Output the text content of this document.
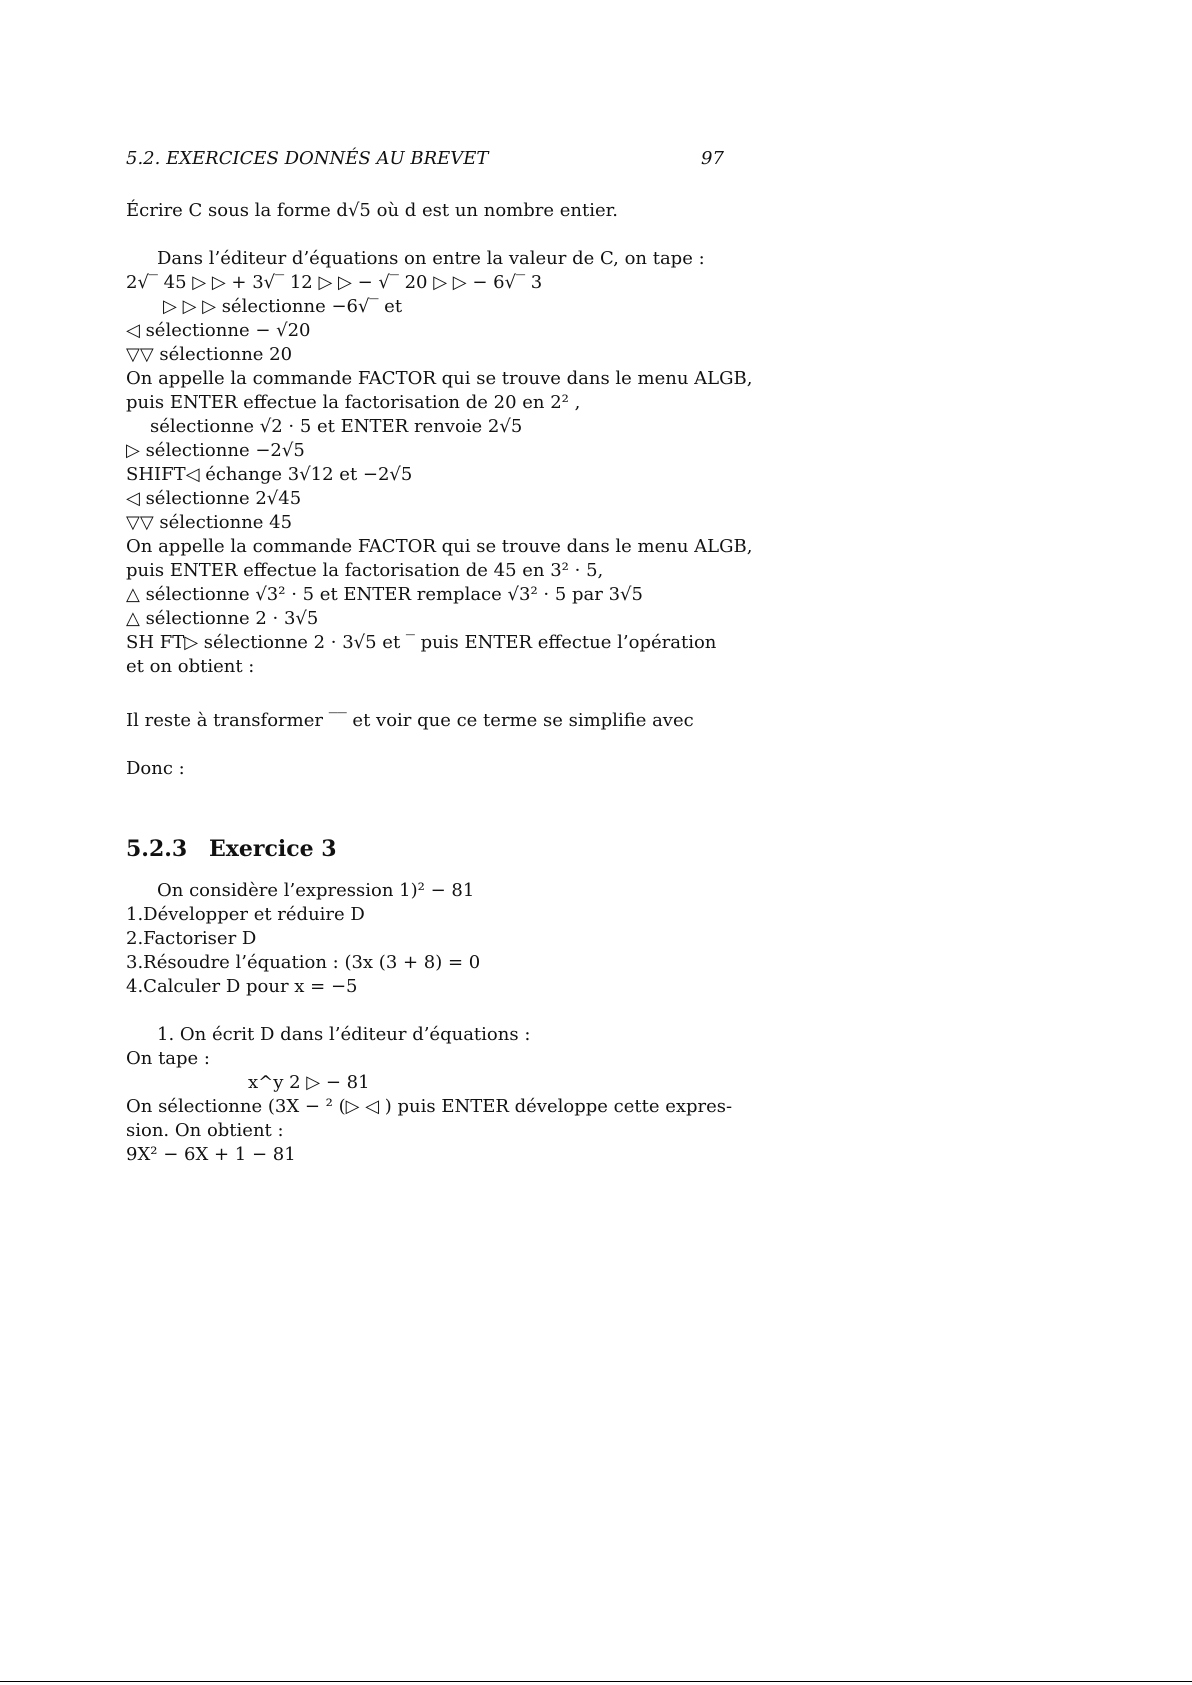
5.2. EXERCICES DONNÉS AU BREVET	97
Écrire C sous la forme d√5 où d est un nombre entier.
Dans l’éditeur d’équations on entre la valeur de C, on tape :
2√‾ 45 ▷ ▷ + 3√‾ 12 ▷ ▷ − √‾ 20 ▷ ▷ − 6√‾ 3
▷ ▷ ▷ sélectionne −6√‾ et
◁ sélectionne − √20
▽▽ sélectionne 20
On appelle la commande FACTOR qui se trouve dans le menu ALGB,
puis ENTER effectue la factorisation de 20 en 2² ,
sélectionne √2 · 5 et ENTER renvoie 2√5
▷ sélectionne −2√5
SHIFT◁ échange 3√12 et −2√5
◁ sélectionne 2√45
▽▽ sélectionne 45
On appelle la commande FACTOR qui se trouve dans le menu ALGB,
puis ENTER effectue la factorisation de 45 en 3² · 5,
△ sélectionne √3² · 5 et ENTER remplace √3² · 5 par 3√5
△ sélectionne 2 · 3√5
SH FT▷ sélectionne 2 · 3√5 et ‾ puis ENTER effectue l’opération
et on obtient :
Il reste à transformer ‾‾ et voir que ce terme se simplifie avec
Donc :
5.2.3 Exercice 3
On considère l’expression 1)² − 81
1.Développer et réduire D
2.Factoriser D
3.Résoudre l’équation : (3x (3 + 8) = 0
4.Calculer D pour x = −5
1. On écrit D dans l’éditeur d’équations :
On tape :
x^y 2 ▷ − 81
On sélectionne (3X − ² (▷ ◁ ) puis ENTER développe cette expres-
sion. On obtient :
9X² − 6X + 1 − 81
